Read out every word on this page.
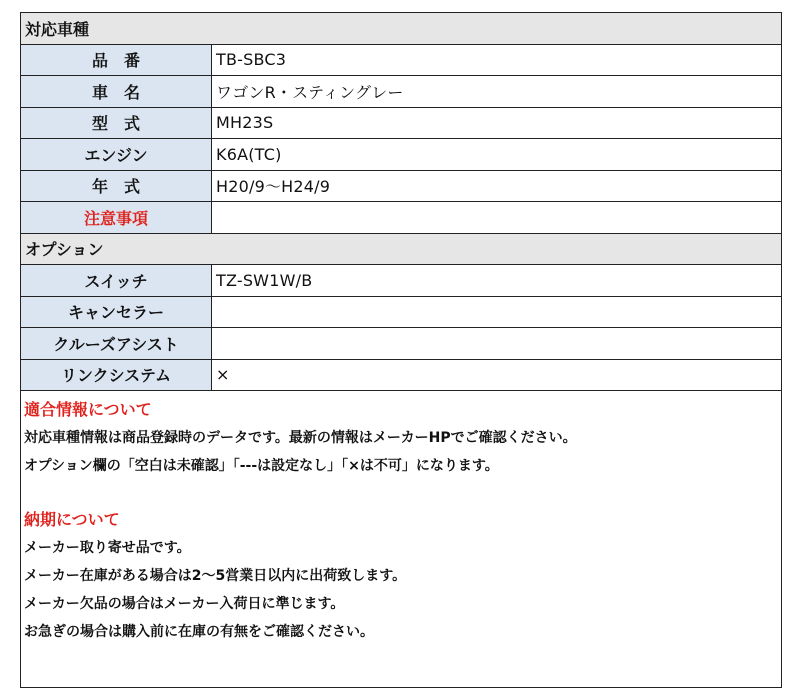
対応車種	
品　番	TB-SBC3
車　名	ワゴンR・スティングレー
型　式	MH23S
エンジン	K6A(TC)
年　式	H20/9〜H24/9
注意事項	
オプション	
スイッチ	TZ-SW1W/B
キャンセラー	
クルーズアシスト	
リンクシステム	×
適合情報について
対応車種情報は商品登録時のデータです。最新の情報はメーカーHPでご確認ください。
オプション欄の「空白は未確認」「---は設定なし」「×は不可」になります。
納期について
メーカー取り寄せ品です。
メーカー在庫がある場合は2〜5営業日以内に出荷致します。
メーカー欠品の場合はメーカー入荷日に準じます。
お急ぎの場合は購入前に在庫の有無をご確認ください。
